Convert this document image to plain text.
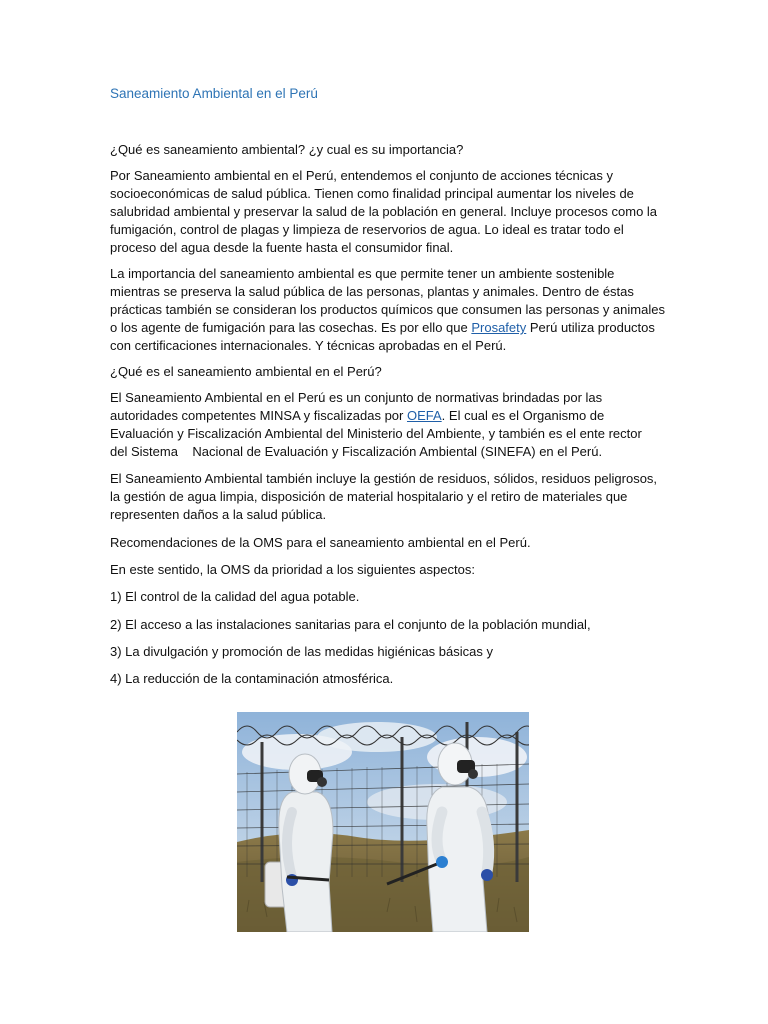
Saneamiento Ambiental en el Perú
¿Qué es saneamiento ambiental? ¿y cual es su importancia?
Por Saneamiento ambiental en el Perú, entendemos el conjunto de acciones técnicas y
socioeconómicas de salud pública. Tienen como finalidad principal aumentar los niveles de
salubridad ambiental y preservar la salud de la población en general. Incluye procesos como la
fumigación, control de plagas y limpieza de reservorios de agua. Lo ideal es tratar todo el
proceso del agua desde la fuente hasta el consumidor final.
La importancia del saneamiento ambiental es que permite tener un ambiente sostenible
mientras se preserva la salud pública de las personas, plantas y animales. Dentro de éstas
prácticas también se consideran los productos químicos que consumen las personas y animales
o los agente de fumigación para las cosechas. Es por ello que Prosafety Perú utiliza productos
con certificaciones internacionales. Y técnicas aprobadas en el Perú.
¿Qué es el saneamiento ambiental en el Perú?
El Saneamiento Ambiental en el Perú es un conjunto de normativas brindadas por las
autoridades competentes MINSA y fiscalizadas por OEFA. El cual es el Organismo de
Evaluación y Fiscalización Ambiental del Ministerio del Ambiente, y también es el ente rector
del Sistema    Nacional de Evaluación y Fiscalización Ambiental (SINEFA) en el Perú.
El Saneamiento Ambiental también incluye la gestión de residuos, sólidos, residuos peligrosos,
la gestión de agua limpia, disposición de material hospitalario y el retiro de materiales que
representen daños a la salud pública.
Recomendaciones de la OMS para el saneamiento ambiental en el Perú.
En este sentido, la OMS da prioridad a los siguientes aspectos:
1) El control de la calidad del agua potable.
2) El acceso a las instalaciones sanitarias para el conjunto de la población mundial,
3) La divulgación y promoción de las medidas higiénicas básicas y
4) La reducción de la contaminación atmosférica.
